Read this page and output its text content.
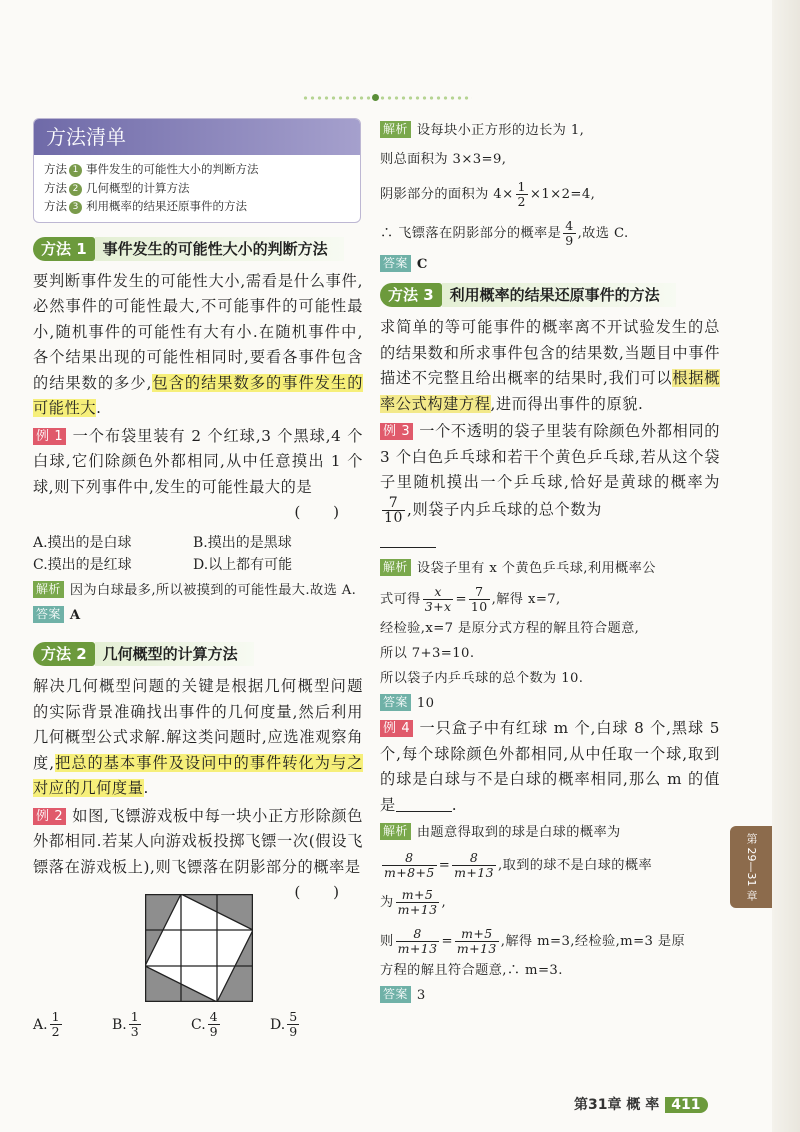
方法清单
方法 1 事件发生的可能性大小的判断方法
方法 2 几何概型的计算方法
方法 3 利用概率的结果还原事件的方法
方法 1 事件发生的可能性大小的判断方法

要判断事件发生的可能性大小,需看是什么事件,必然事件的可能性最大,不可能事件的可能性最小,随机事件的可能性有大有小.在随机事件中,各个结果出现的可能性相同时,要看各事件包含的结果数的多少,包含的结果数多的事件发生的可能性大.

例 1 一个布袋里装有 2 个红球,3 个黑球,4 个白球,它们除颜色外都相同,从中任意摸出 1 个球,则下列事件中,发生的可能性最大的是

( )
A.摸出的是白球	B.摸出的是黑球
C.摸出的是红球	D.以上都有可能

解析 因为白球最多,所以被摸到的可能性最大.故选 A.

答案 A

方法 2 几何概型的计算方法

解决几何概型问题的关键是根据几何概型问题的实际背景准确找出事件的几何度量,然后利用几何概型公式求解.解这类问题时,应选准观察角度,把总的基本事件及设问中的事件转化为与之对应的几何度量.

例 2 如图,飞镖游戏板中每一块小正方形除颜色外都相同.若某人向游戏板投掷飞镖一次(假设飞镖落在游戏板上),则飞镖落在阴影部分的概率是
( )

A. $\frac{1}{2}$	B. $\frac{1}{3}$	C. $\frac{4}{9}$	D. $\frac{5}{9}$

解析 设每块小正方形的边长为 1,

则总面积为 3×3=9,

阴影部分的面积为 $4\times \frac{1}{2} \times 1\times 2=4$,

∴ 飞镖落在阴影部分的概率是 $\frac{4}{9}$ ,故选 C.

答案 C

方法 3 利用概率的结果还原事件的方法

求简单的等可能事件的概率离不开试验发生的总的结果数和所求事件包含的结果数,当题目中事件描述不完整且给出概率的结果时,我们可以根据概率公式构建方程,进而得出事件的原貌.

例 3 一个不透明的袋子里装有除颜色外都相同的 3 个白色乒乓球和若干个黄色乒乓球,若从这个袋子里随机摸出一个乒乓球,恰好是黄球的概率为
$\frac{7}{10}$ ,则袋子内乒乓球的总个数为

解析 设袋子里有 x 个黄色乒乓球,利用概率公

式可得 $\frac{x}{3+x} = \frac{7}{10}$ ,解得 x=7,

经检验,x=7 是原分式方程的解且符合题意,

所以 7+3=10.

所以袋子内乒乓球的总个数为 10.

答案 10

例 4 一只盒子中有红球 m 个,白球 8 个,黑球 5 个,每个球除颜色外都相同,从中任取一个球,取到的球是白球与不是白球的概率相同,那么 m 的值是	.

解析 由题意得取到的球是白球的概率为

$\frac{8}{m+8+5} = \frac{8}{m+13}$ ,取到的球不是白球的概率

为 $\frac{m+5}{m+13}$ ,

则 $\frac{8}{m+13} = \frac{m+5}{m+13}$ ,解得 m=3,经检验,m=3 是原

方程的解且符合题意,∴ m=3.

答案 3

第 29—31 章
第31章 概 率 411
